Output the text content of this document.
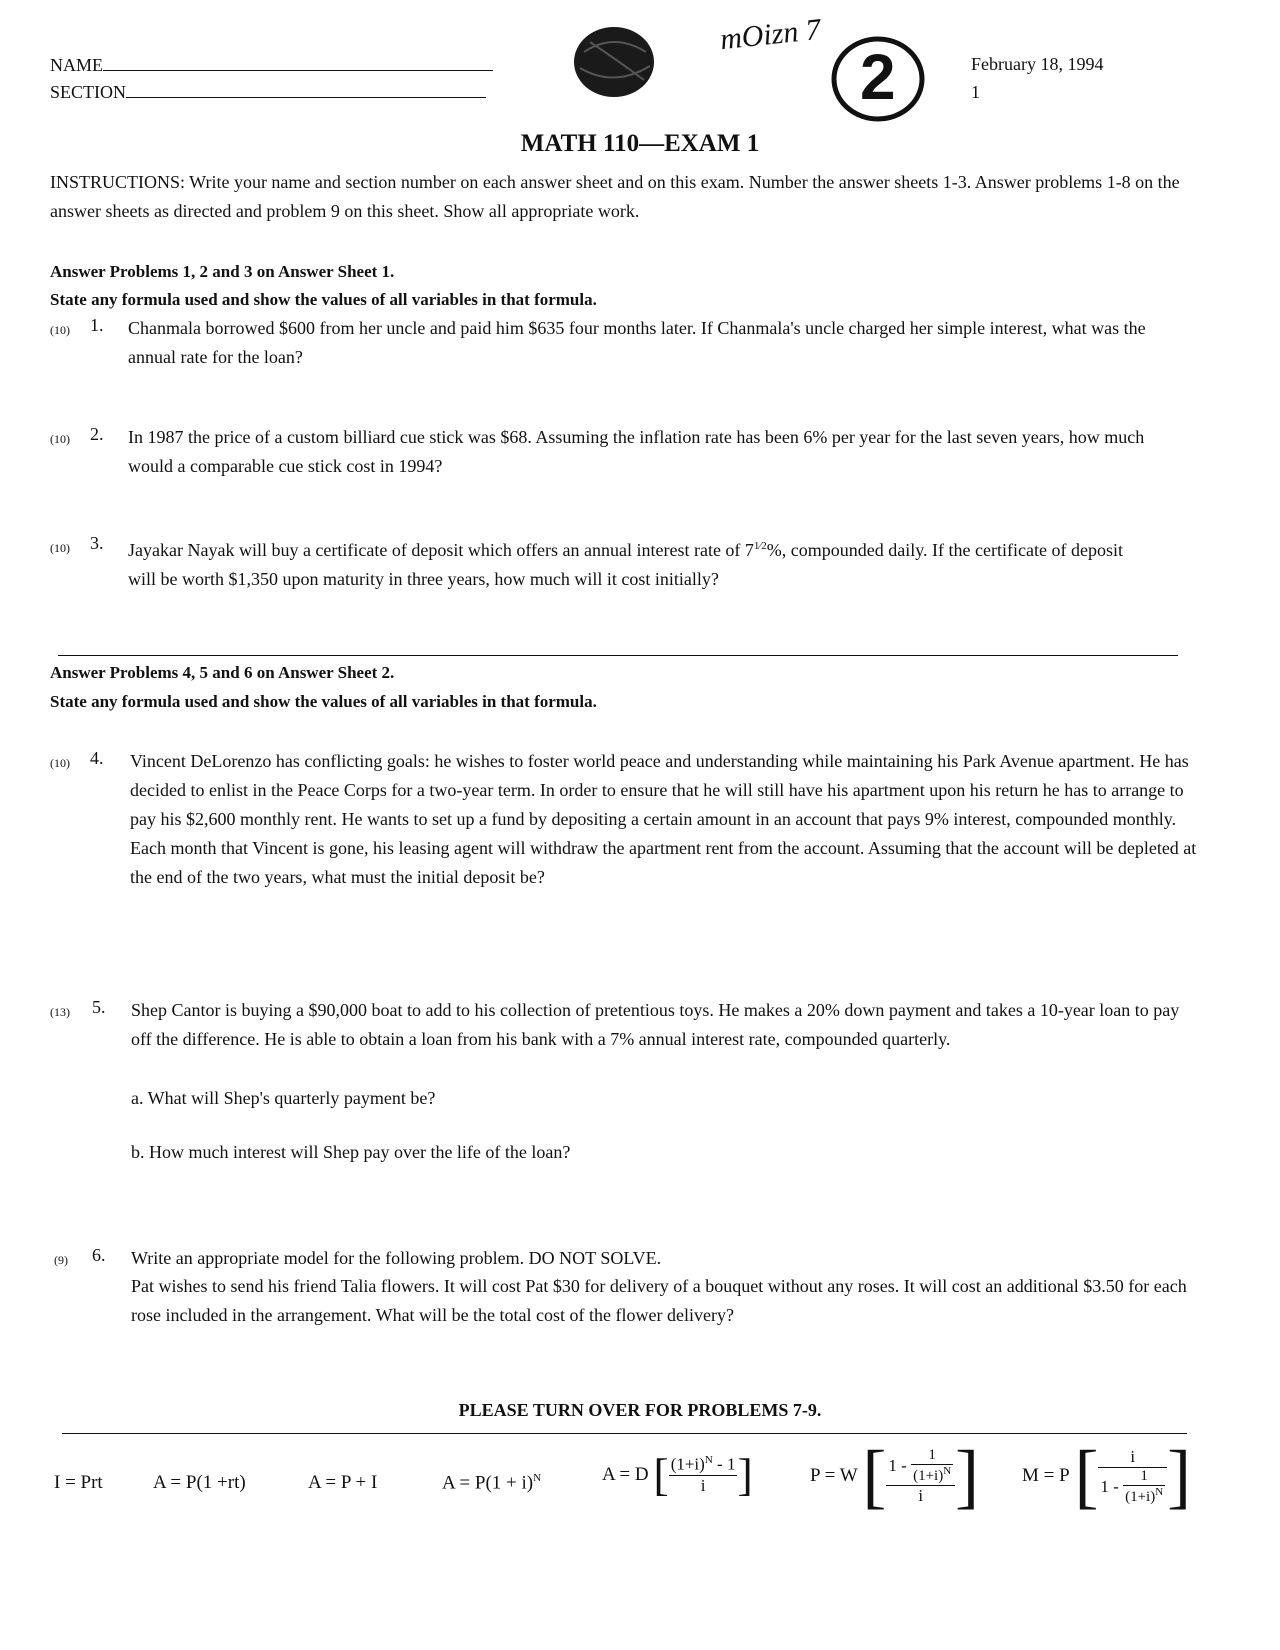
NAME
SECTION
mOizn 7
2	February 18, 1994
1
MATH 110—EXAM 1
INSTRUCTIONS: Write your name and section number on each answer sheet and on this exam. Number the answer sheets 1-3. Answer problems 1-8 on the answer sheets as directed and problem 9 on this sheet. Show all appropriate work.
Answer Problems 1, 2 and 3 on Answer Sheet 1.
State any formula used and show the values of all variables in that formula.
(10) 1. Chanmala borrowed $600 from her uncle and paid him $635 four months later. If Chanmala's uncle charged her simple interest, what was the annual rate for the loan?
(10) 2. In 1987 the price of a custom billiard cue stick was $68. Assuming the inflation rate has been 6% per year for the last seven years, how much would a comparable cue stick cost in 1994?
(10) 3. Jayakar Nayak will buy a certificate of deposit which offers an annual interest rate of $7^{1⁄2}\%$, compounded daily. If the certificate of deposit will be worth $1,350 upon maturity in three years, how much will it cost initially?
Answer Problems 4, 5 and 6 on Answer Sheet 2.
State any formula used and show the values of all variables in that formula.
(10) 4. Vincent DeLorenzo has conflicting goals: he wishes to foster world peace and understanding while maintaining his Park Avenue apartment. He has decided to enlist in the Peace Corps for a two-year term. In order to ensure that he will still have his apartment upon his return he has to arrange to pay his $2,600 monthly rent. He wants to set up a fund by depositing a certain amount in an account that pays 9% interest, compounded monthly. Each month that Vincent is gone, his leasing agent will withdraw the apartment rent from the account. Assuming that the account will be depleted at the end of the two years, what must the initial deposit be?
(13) 5. Shep Cantor is buying a $90,000 boat to add to his collection of pretentious toys. He makes a 20% down payment and takes a 10-year loan to pay off the difference. He is able to obtain a loan from his bank with a 7% annual interest rate, compounded quarterly.
a. What will Shep's quarterly payment be?
b. How much interest will Shep pay over the life of the loan?
(9) 6. Write an appropriate model for the following problem. DO NOT SOLVE.
Pat wishes to send his friend Talia flowers. It will cost Pat $30 for delivery of a bouquet without any roses. It will cost an additional $3.50 for each rose included in the arrangement. What will be the total cost of the flower delivery?
PLEASE TURN OVER FOR PROBLEMS 7-9.
I = Prt	A = P(1 +rt)	A = P + I	$A = P(1 + i)^N$	A = D [ $\frac{(1+i)^N - 1}{i}$ ]	P = W [ $\frac{1 - \frac{1}{(1+i)^N}}{i}$ ] M = P [ $\frac{i}{1 - \frac{1}{(1+i)^N}}$ ]
